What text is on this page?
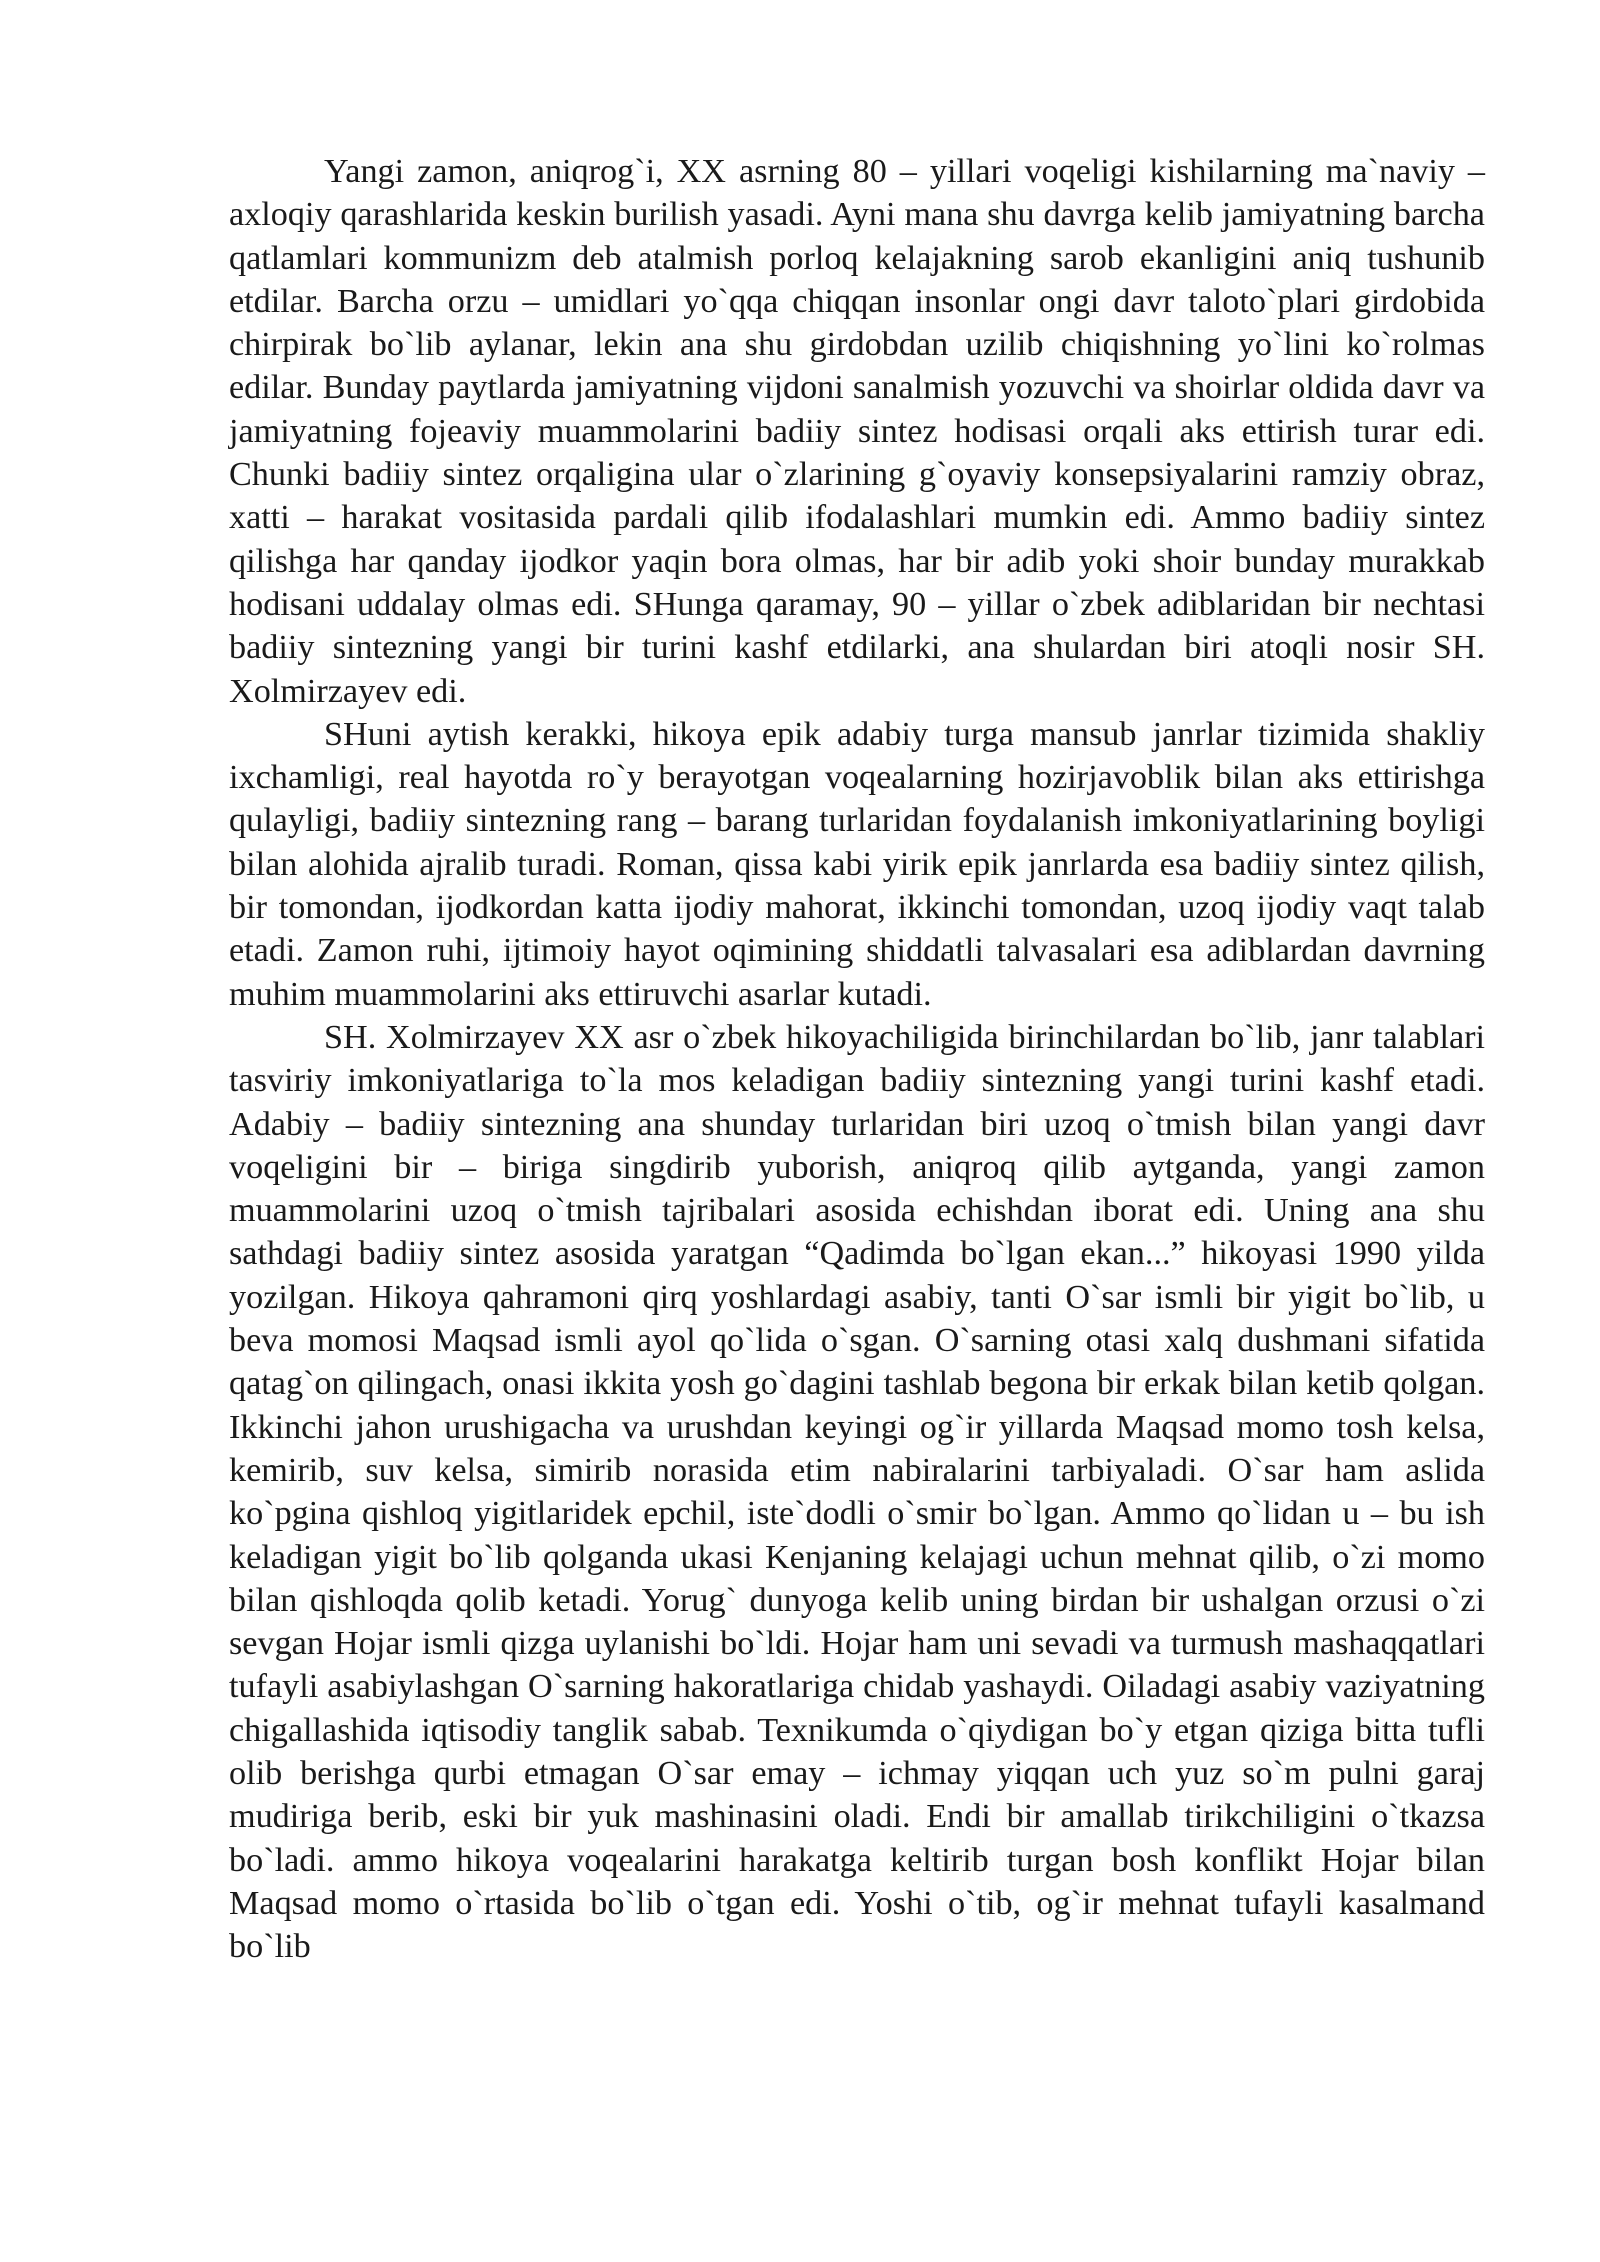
Yangi zamon, aniqrog`i, XX asrning 80 – yillari voqeligi kishilarning ma`naviy – axloqiy qarashlarida keskin burilish yasadi. Ayni mana shu davrga kelib jamiyatning barcha qatlamlari kommunizm deb atalmish porloq kelajakning sarob ekanligini aniq tushunib etdilar. Barcha orzu – umidlari yo`qqa chiqqan insonlar ongi davr taloto`plari girdobida chirpirak bo`lib aylanar, lekin ana shu girdobdan uzilib chiqishning yo`lini ko`rolmas edilar. Bunday paytlarda jamiyatning vijdoni sanalmish yozuvchi va shoirlar oldida davr va jamiyatning fojeaviy muammolarini badiiy sintez hodisasi orqali aks ettirish turar edi. Chunki badiiy sintez orqaligina ular o`zlarining g`oyaviy konsepsiyalarini ramziy obraz, xatti – harakat vositasida pardali qilib ifodalashlari mumkin edi. Ammo badiiy sintez qilishga har qanday ijodkor yaqin bora olmas, har bir adib yoki shoir bunday murakkab hodisani uddalay olmas edi. SHunga qaramay, 90 – yillar o`zbek adiblaridan bir nechtasi badiiy sintezning yangi bir turini kashf etdilarki, ana shulardan biri atoqli nosir SH. Xolmirzayev edi.

SHuni aytish kerakki, hikoya epik adabiy turga mansub janrlar tizimida shakliy ixchamligi, real hayotda ro`y berayotgan voqealarning hozirjavoblik bilan aks ettirishga qulayligi, badiiy sintezning rang – barang turlaridan foydalanish imkoniyatlarining boyligi bilan alohida ajralib turadi. Roman, qissa kabi yirik epik janrlarda esa badiiy sintez qilish, bir tomondan, ijodkordan katta ijodiy mahorat, ikkinchi tomondan, uzoq ijodiy vaqt talab etadi. Zamon ruhi, ijtimoiy hayot oqimining shiddatli talvasalari esa adiblardan davrning muhim muammolarini aks ettiruvchi asarlar kutadi.

SH. Xolmirzayev XX asr o`zbek hikoyachiligida birinchilardan bo`lib, janr talablari tasviriy imkoniyatlariga to`la mos keladigan badiiy sintezning yangi turini kashf etadi. Adabiy – badiiy sintezning ana shunday turlaridan biri uzoq o`tmish bilan yangi davr voqeligini bir – biriga singdirib yuborish, aniqroq qilib aytganda, yangi zamon muammolarini uzoq o`tmish tajribalari asosida echishdan iborat edi. Uning ana shu sathdagi badiiy sintez asosida yaratgan “Qadimda bo`lgan ekan...” hikoyasi 1990 yilda yozilgan. Hikoya qahramoni qirq yoshlardagi asabiy, tanti O`sar ismli bir yigit bo`lib, u beva momosi Maqsad ismli ayol qo`lida o`sgan. O`sarning otasi xalq dushmani sifatida qatag`on qilingach, onasi ikkita yosh go`dagini tashlab begona bir erkak bilan ketib qolgan. Ikkinchi jahon urushigacha va urushdan keyingi og`ir yillarda Maqsad momo tosh kelsa, kemirib, suv kelsa, simirib norasida etim nabiralarini tarbiyaladi. O`sar ham aslida ko`pgina qishloq yigitlaridek epchil, iste`dodli o`smir bo`lgan. Ammo qo`lidan u – bu ish keladigan yigit bo`lib qolganda ukasi Kenjaning kelajagi uchun mehnat qilib, o`zi momo bilan qishloqda qolib ketadi. Yorug` dunyoga kelib uning birdan bir ushalgan orzusi o`zi sevgan Hojar ismli qizga uylanishi bo`ldi. Hojar ham uni sevadi va turmush mashaqqatlari tufayli asabiylashgan O`sarning hakoratlariga chidab yashaydi. Oiladagi asabiy vaziyatning chigallashida iqtisodiy tanglik sabab. Texnikumda o`qiydigan bo`y etgan qiziga bitta tufli olib berishga qurbi etmagan O`sar emay – ichmay yiqqan uch yuz so`m pulni garaj mudiriga berib, eski bir yuk mashinasini oladi. Endi bir amallab tirikchiligini o`tkazsa bo`ladi. ammo hikoya voqealarini harakatga keltirib turgan bosh konflikt Hojar bilan Maqsad momo o`rtasida bo`lib o`tgan edi. Yoshi o`tib, og`ir mehnat tufayli kasalmand bo`lib
